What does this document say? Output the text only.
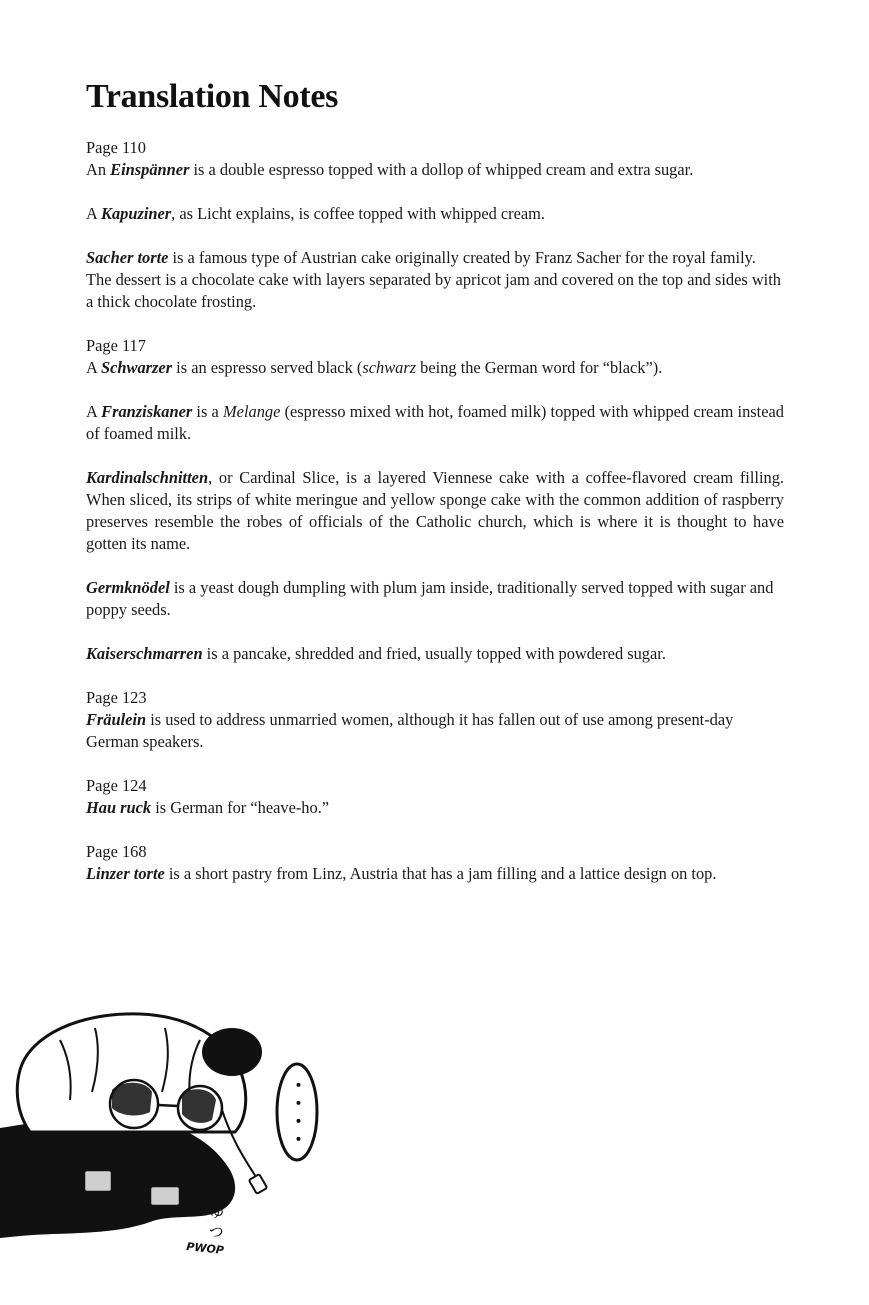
Translation Notes
Page 110
An Einspänner is a double espresso topped with a dollop of whipped cream and extra sugar.
A Kapuziner, as Licht explains, is coffee topped with whipped cream.
Sacher torte is a famous type of Austrian cake originally created by Franz Sacher for the royal family. The dessert is a chocolate cake with layers separated by apricot jam and covered on the top and sides with a thick chocolate frosting.
Page 117
A Schwarzer is an espresso served black (schwarz being the German word for “black”).
A Franziskaner is a Melange (espresso mixed with hot, foamed milk) topped with whipped cream instead of foamed milk.
Kardinalschnitten, or Cardinal Slice, is a layered Viennese cake with a coffee-flavored cream filling. When sliced, its strips of white meringue and yellow sponge cake with the common addition of raspberry preserves resemble the robes of officials of the Catholic church, which is where it is thought to have gotten its name.
Germknödel is a yeast dough dumpling with plum jam inside, traditionally served topped with sugar and poppy seeds.
Kaiserschmarren is a pancake, shredded and fried, usually topped with powdered sugar.
Page 123
Fräulein is used to address unmarried women, although it has fallen out of use among present-day German speakers.
Page 124
Hau ruck is German for “heave-ho.”
Page 168
Linzer torte is a short pastry from Linz, Austria that has a jam filling and a lattice design on top.
・・・・
にゅっ
PWOP
